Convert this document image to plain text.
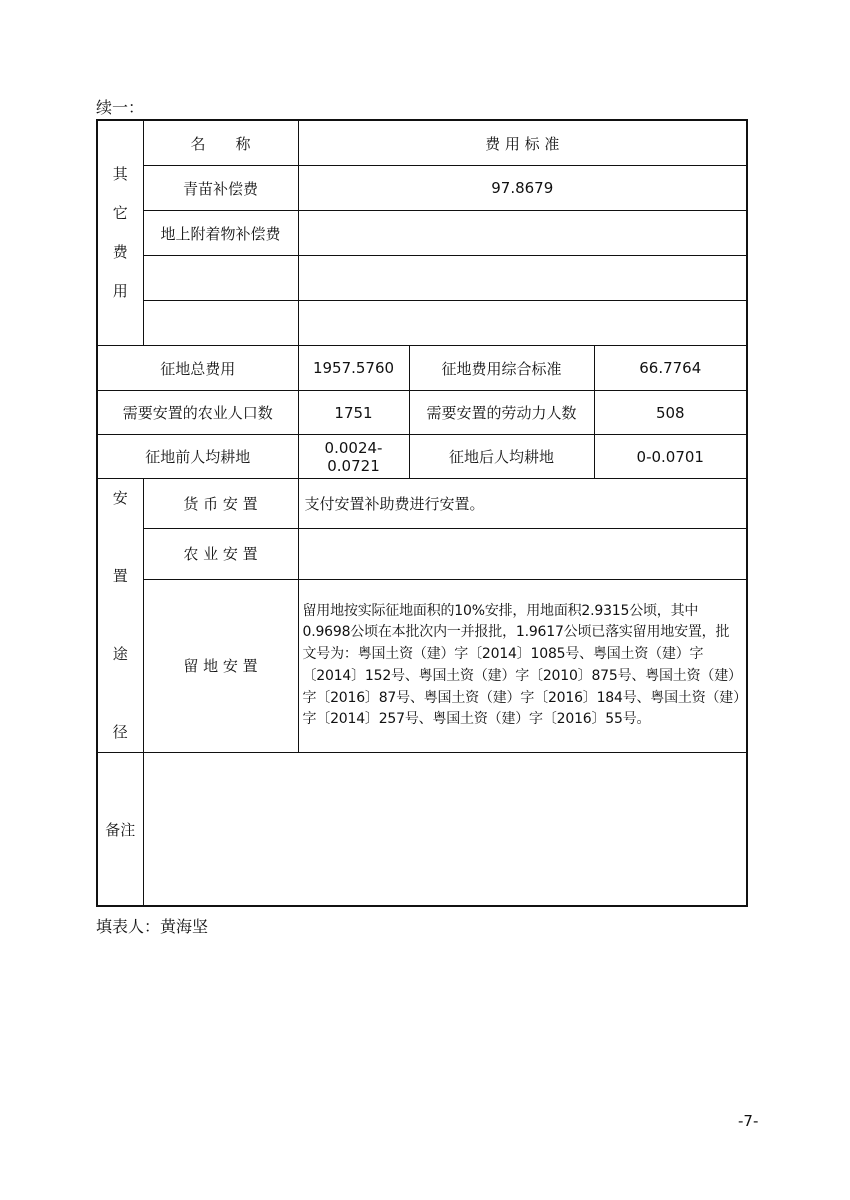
续一：
其
它
费
用	名　　称	费 用 标 准		
	青苗补偿费	97.8679		
	地上附着物补偿费			

征地总费用		1957.5760	征地费用综合标准	66.7764
需要安置的农业人口数		1751	需要安置的劳动力人数	508
征地前人均耕地		0.0024-0.0721	征地后人均耕地	0-0.0701
安

置

途

径	货 币 安 置	支付安置补助费进行安置。		
	农 业 安 置			
	留 地 安 置	留用地按实际征地面积的10%安排，用地面积2.9315公顷，其中0.9698公顷在本批次内一并报批，1.9617公顷已落实留用地安置，批文号为：粤国土资（建）字〔2014〕1085号、粤国土资（建）字〔2014〕152号、粤国土资（建）字〔2010〕875号、粤国土资（建）字〔2016〕87号、粤国土资（建）字〔2016〕184号、粤国土资（建）字〔2014〕257号、粤国土资（建）字〔2016〕55号。		
备注				
填表人：黄海坚
-7-
